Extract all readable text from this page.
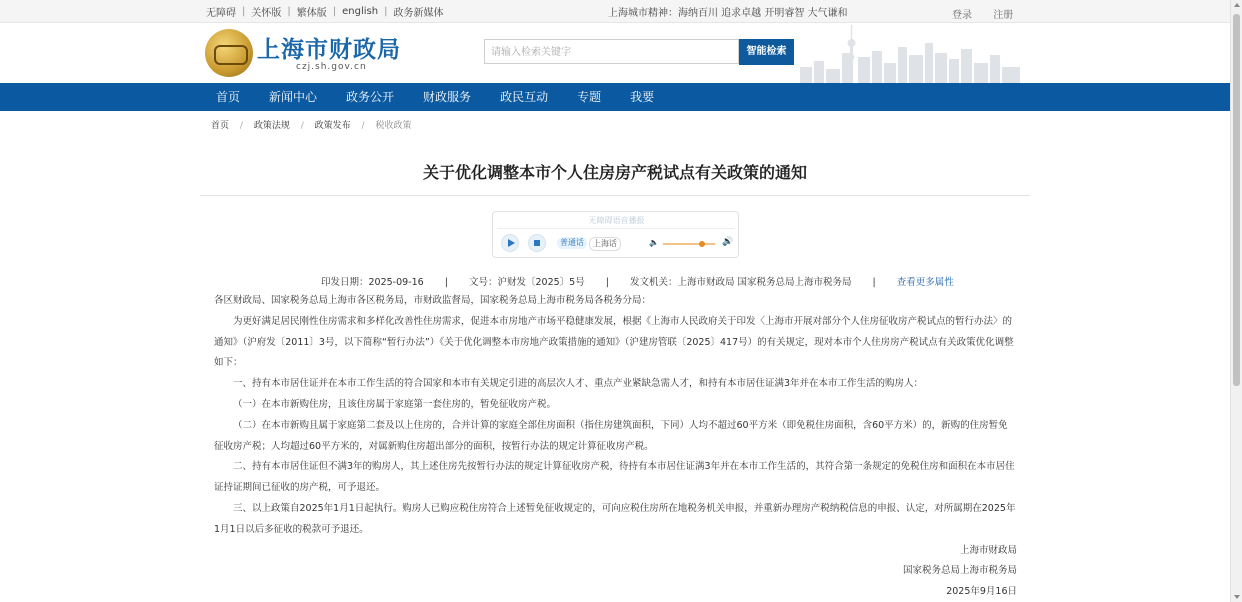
无障碍 | 关怀版 | 繁体版 | english | 政务新媒体	上海城市精神：海纳百川 追求卓越 开明睿智 大气谦和	登录 注册
上海市财政局
czj.sh.gov.cn
请输入检索关键字
智能检索
首页 新闻中心 政务公开 财政服务 政民互动 专题 我要
首页 / 政策法规 / 政策发布 / 税收政策
关于优化调整本市个人住房房产税试点有关政策的通知
无障碍语音播报
普通话	上海话	🔈	🔊
印发日期：2025-09-16 | 文号：沪财发〔2025〕5号 | 发文机关：上海市财政局 国家税务总局上海市税务局 | 查看更多属性

各区财政局、国家税务总局上海市各区税务局，市财政监督局，国家税务总局上海市税务局各税务分局：

为更好满足居民刚性住房需求和多样化改善性住房需求，促进本市房地产市场平稳健康发展，根据《上海市人民政府关于印发〈上海市开展对部分个人住房征收房产税试点的暂行办法〉的通知》（沪府发〔2011〕3号，以下简称“暂行办法”）《关于优化调整本市房地产政策措施的通知》（沪建房管联〔2025〕417号）的有关规定，现对本市个人住房房产税试点有关政策优化调整如下：

一、持有本市居住证并在本市工作生活的符合国家和本市有关规定引进的高层次人才、重点产业紧缺急需人才，和持有本市居住证满3年并在本市工作生活的购房人：

（一）在本市新购住房，且该住房属于家庭第一套住房的，暂免征收房产税。

（二）在本市新购且属于家庭第二套及以上住房的，合并计算的家庭全部住房面积（指住房建筑面积，下同）人均不超过60平方米（即免税住房面积，含60平方米）的，新购的住房暂免征收房产税；人均超过60平方米的，对属新购住房超出部分的面积，按暂行办法的规定计算征收房产税。

二、持有本市居住证但不满3年的购房人，其上述住房先按暂行办法的规定计算征收房产税，待持有本市居住证满3年并在本市工作生活的，其符合第一条规定的免税住房和面积在本市居住证持证期间已征收的房产税，可予退还。

三、以上政策自2025年1月1日起执行。购房人已购应税住房符合上述暂免征收规定的，可向应税住房所在地税务机关申报，并重新办理房产税纳税信息的申报、认定，对所属期在2025年1月1日以后多征收的税款可予退还。

上海市财政局
国家税务总局上海市税务局
2025年9月16日
